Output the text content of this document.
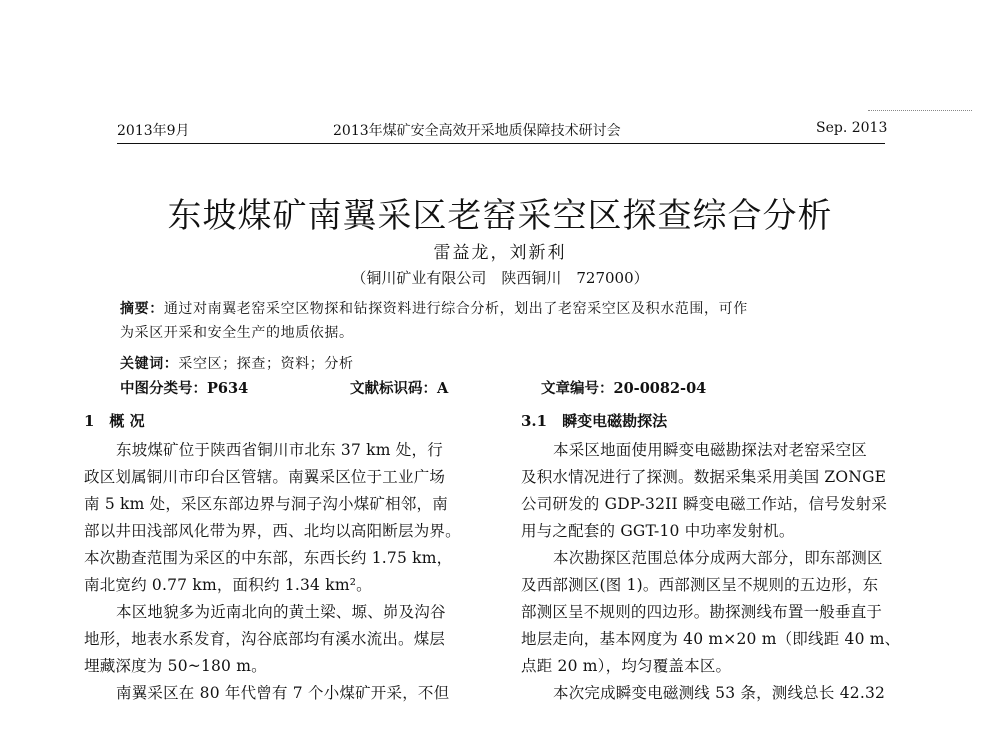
2013年9月	2013年煤矿安全高效开采地质保障技术研讨会	Sep. 2013
东坡煤矿南翼采区老窑采空区探查综合分析
雷益龙，刘新利
（铜川矿业有限公司　陕西铜川　727000）
摘要：通过对南翼老窑采空区物探和钻探资料进行综合分析，划出了老窑采空区及积水范围，可作
为采区开采和安全生产的地质依据。
关键词：采空区；探查；资料；分析
中图分类号：P634	文献标识码：A	文章编号：20-0082-04
1　概 况
东坡煤矿位于陕西省铜川市北东 37 km 处，行
政区划属铜川市印台区管辖。南翼采区位于工业广场
南 5 km 处，采区东部边界与洞子沟小煤矿相邻，南
部以井田浅部风化带为界，西、北均以高阳断层为界。
本次勘查范围为采区的中东部，东西长约 1.75 km，
南北宽约 0.77 km，面积约 1.34 km²。
本区地貌多为近南北向的黄土梁、塬、峁及沟谷
地形，地表水系发育，沟谷底部均有溪水流出。煤层
埋藏深度为 50~180 m。
南翼采区在 80 年代曾有 7 个小煤矿开采，不但
3.1　瞬变电磁勘探法
本采区地面使用瞬变电磁勘探法对老窑采空区
及积水情况进行了探测。数据采集采用美国 ZONGE
公司研发的 GDP-32II 瞬变电磁工作站，信号发射采
用与之配套的 GGT-10 中功率发射机。
本次勘探区范围总体分成两大部分，即东部测区
及西部测区(图 1)。西部测区呈不规则的五边形，东
部测区呈不规则的四边形。勘探测线布置一般垂直于
地层走向，基本网度为 40 m×20 m（即线距 40 m、
点距 20 m），均匀覆盖本区。
本次完成瞬变电磁测线 53 条，测线总长 42.32
